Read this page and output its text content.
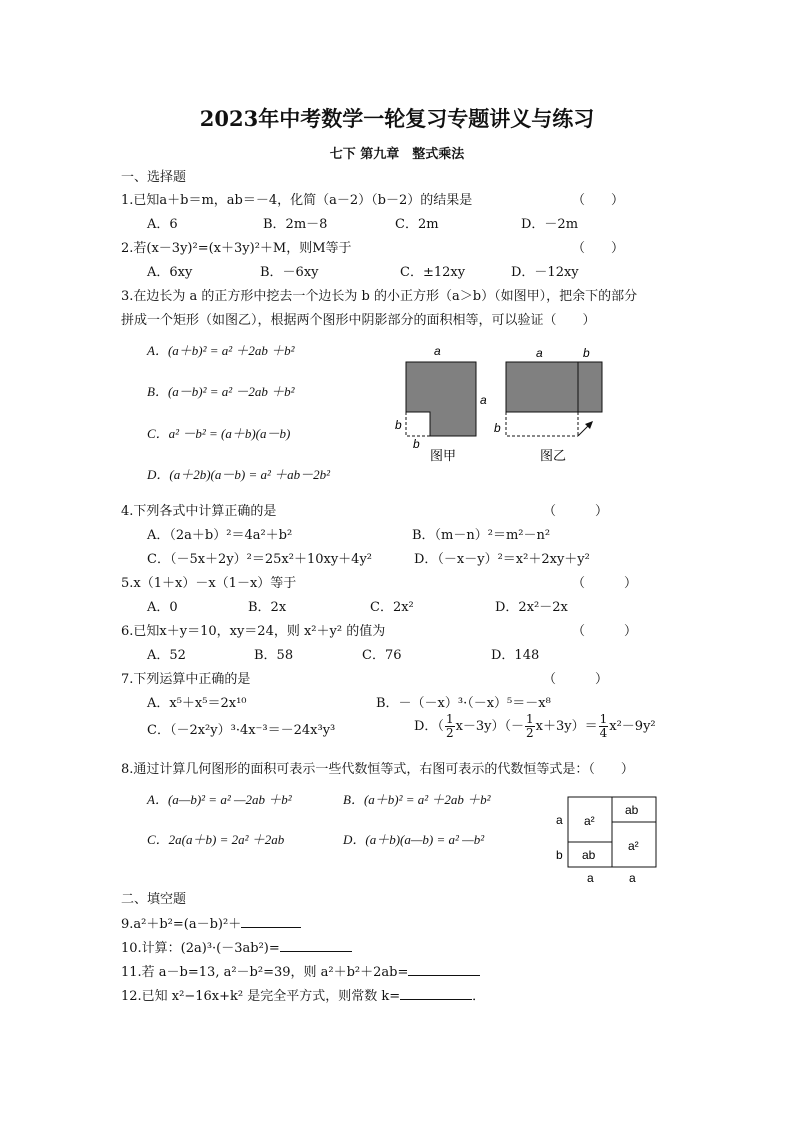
2023年中考数学一轮复习专题讲义与练习
七下 第九章　整式乘法
一、选择题
1.已知a＋b＝m，ab＝－4，化简（a－2）（b－2）的结果是	（　　）
A．6	B．2m－8	C．2m	D．－2m
2.若(x－3y)²=(x＋3y)²＋M，则M等于	（　　）
A．6xy	B．－6xy	C．±12xy	D．－12xy
3.在边长为 a 的正方形中挖去一个边长为 b 的小正方形（a＞b）（如图甲），把余下的部分
拼成一个矩形（如图乙），根据两个图形中阴影部分的面积相等，可以验证（　　）
A．(a＋b)² = a² ＋2ab ＋b²
B．(a－b)² = a² －2ab ＋b²
C．a² －b² = (a＋b)(a－b)
D．(a＋2b)(a－b) = a² ＋ab－2b²
a
a
b
b
图甲
a	b
b
图乙
4.下列各式中计算正确的是	（　　　）
A．（2a＋b）²＝4a²＋b²	B．（m－n）²＝m²－n²
C．（－5x＋2y）²＝25x²＋10xy＋4y²	D．（－x－y）²＝x²＋2xy＋y²
5.x（1＋x）－x（1－x）等于	（　　　）
A．0	B．2x	C．2x²	D．2x²－2x
6.已知x＋y＝10，xy＝24，则 x²＋y² 的值为	（　　　）
A．52	B．58	C．76	D．148
7.下列运算中正确的是	（　　　）
A．x⁵＋x⁵＝2x¹⁰	B．－（－x）³·（－x）⁵＝－x⁸
C．（－2x²y）³·4x⁻³＝－24x³y³	D．（ $\frac{1}{2} x-3y)(- \frac{1}{2} x+3y)= \frac{1}{4} x^2-9y^2$
8.通过计算几何图形的面积可表示一些代数恒等式，右图可表示的代数恒等式是：（　　）
A．(a—b)² = a² —2ab ＋b²	B．(a＋b)² = a² ＋2ab ＋b²
C．2a(a＋b) = 2a² ＋2ab	D．(a＋b)(a—b) = a² —b²
a²
ab
ab
a²
a
b
a	a
二、填空题
9.a²＋b²=(a－b)²＋
10.计算：(2a)³·(－3ab²)=
11.若 a－b=13, a²－b²=39，则 a²＋b²＋2ab=
12.已知 x²−16x+k² 是完全平方式，则常数 k=	．
